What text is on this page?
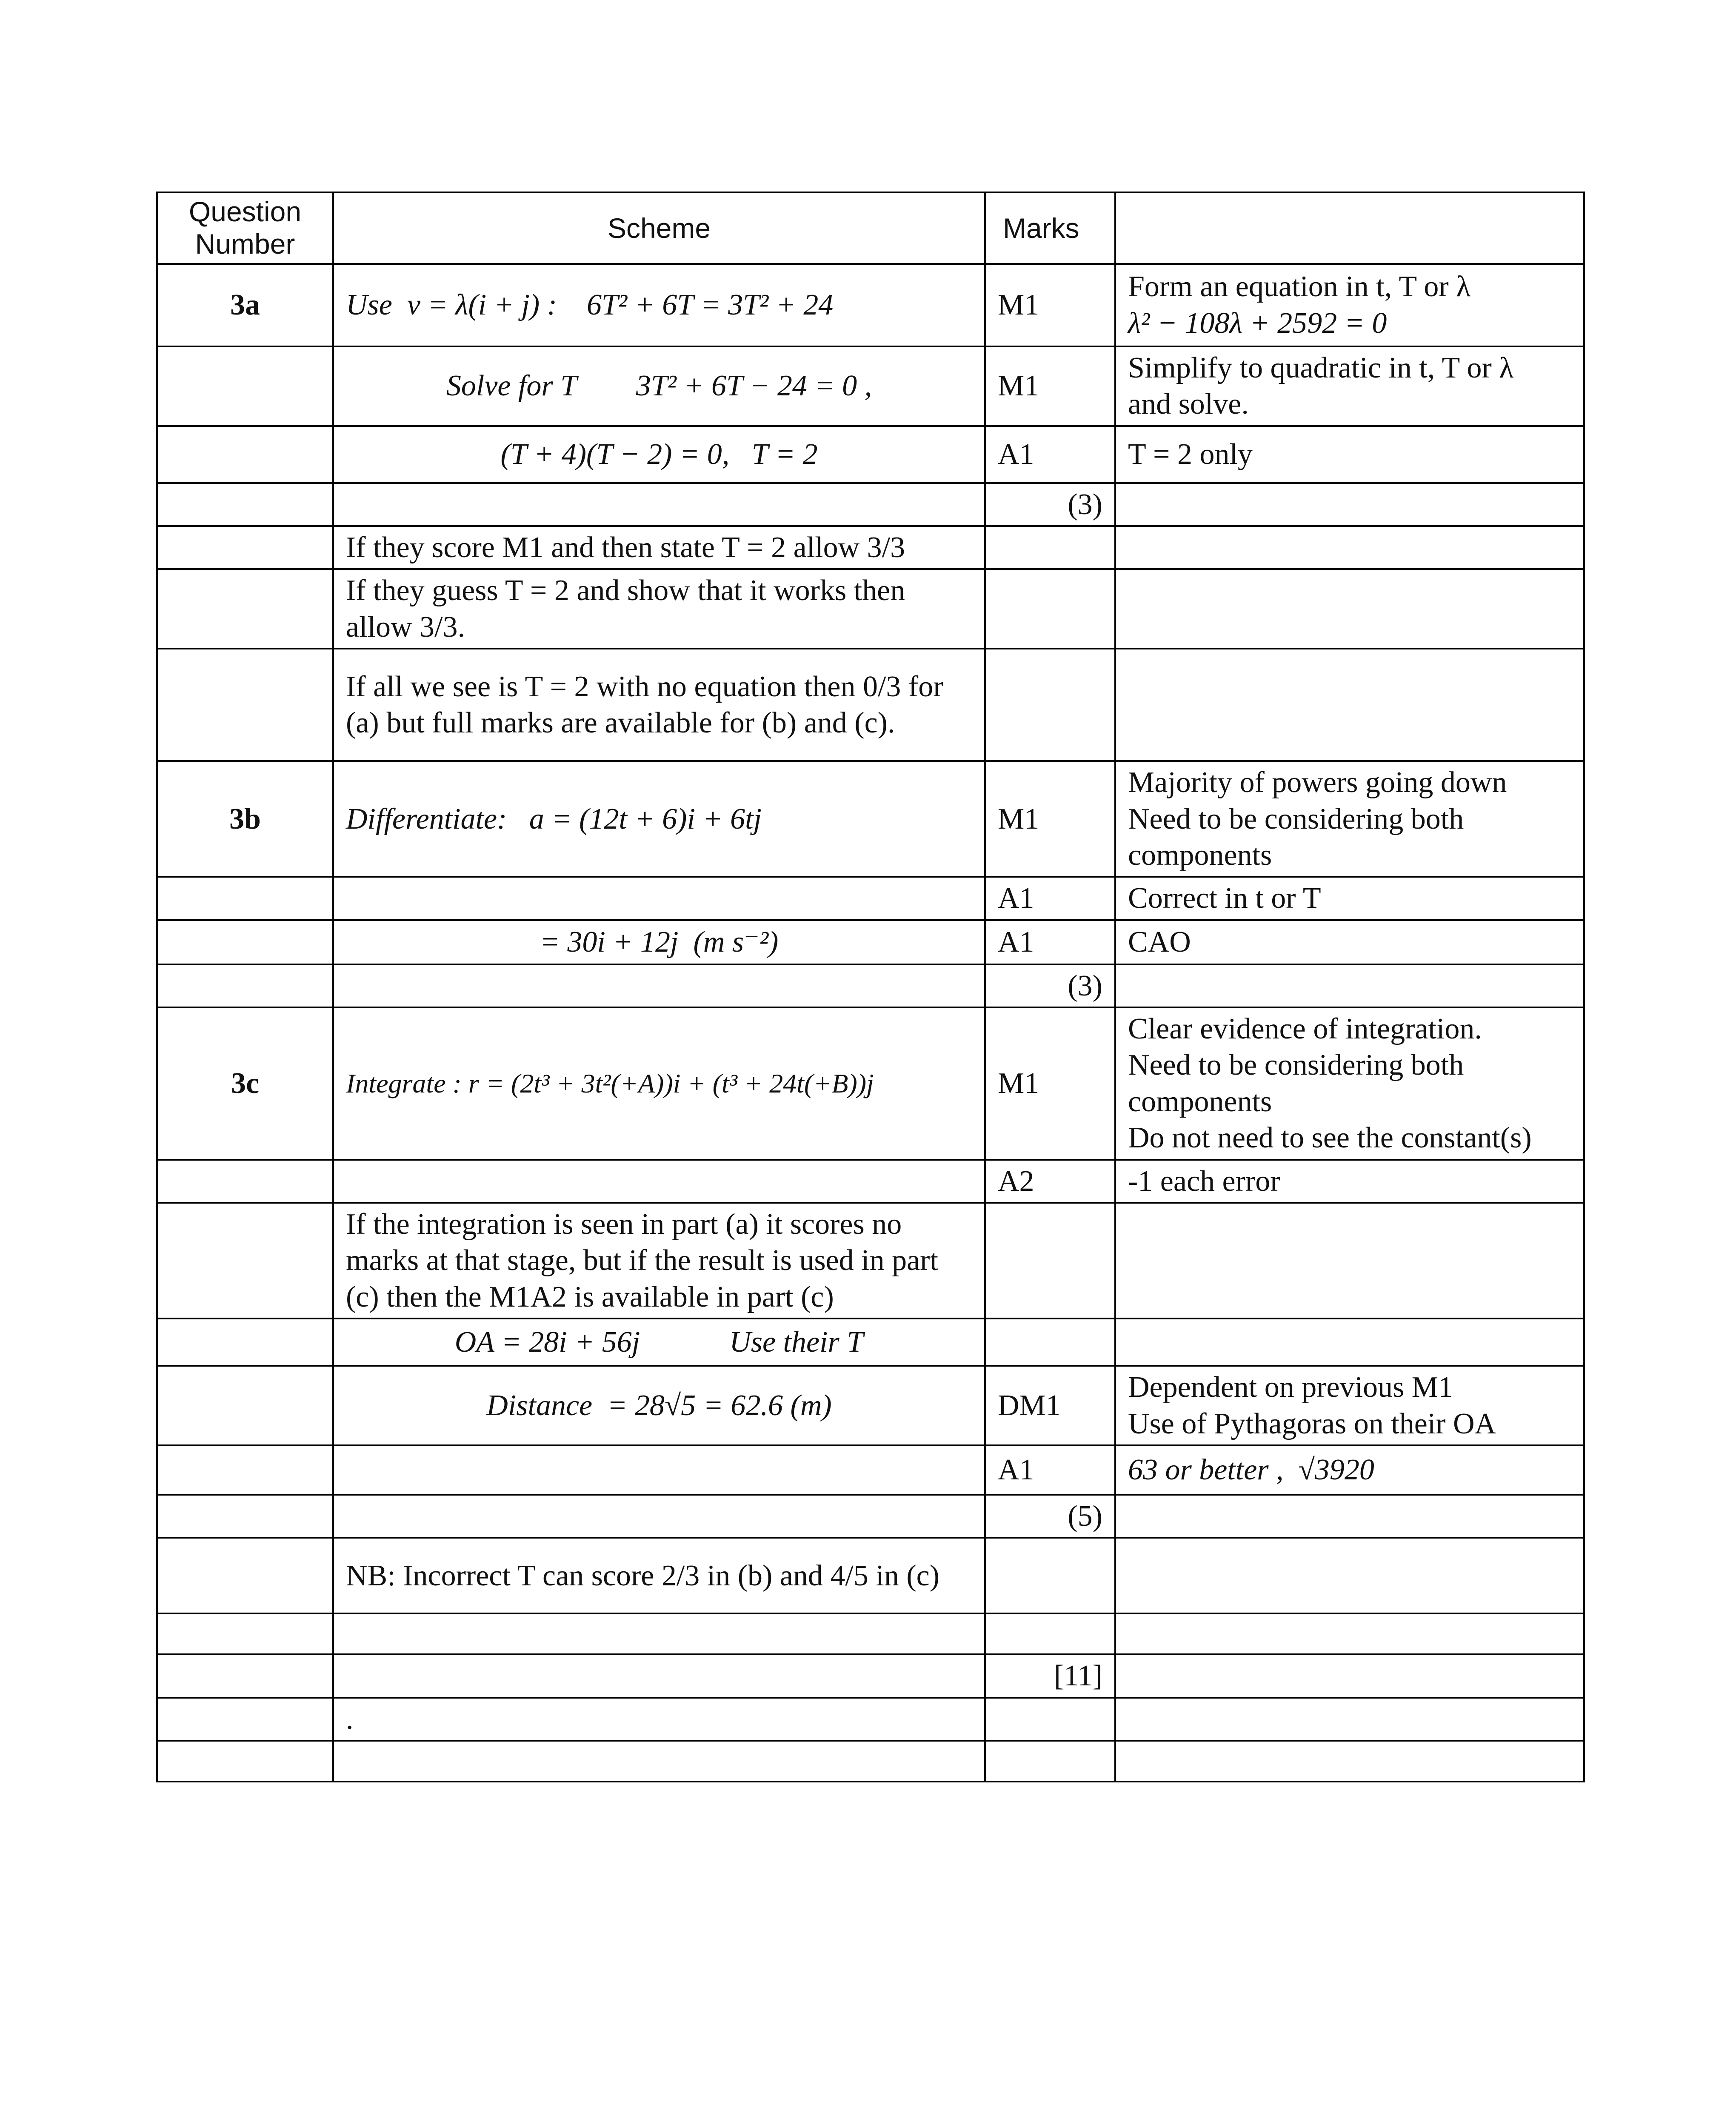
Question Number	Scheme	Marks	
3a	Use  v = λ(i + j) :    6T² + 6T = 3T² + 24	M1	Form an equation in t, T or λ
λ² − 108λ + 2592 = 0

	Solve for T        3T² + 6T − 24 = 0 ,	M1	Simplify to quadratic in t, T or λ
and solve.

	(T + 4)(T − 2) = 0,   T = 2	A1	T = 2 only
		(3)	
	If they score M1 and then state T = 2 allow 3/3		
	If they guess T = 2 and show that it works then allow 3/3.		
	If all we see is T = 2 with no equation then 0/3 for (a) but full marks are available for (b) and (c).		
3b	Differentiate:   a = (12t + 6)i + 6tj	M1	Majority of powers going down
Need to be considering both components

		A1	Correct in t or T
	= 30i + 12j  (m s⁻²)	A1	CAO
		(3)	
3c	Integrate : r = (2t³ + 3t²(+A))i + (t³ + 24t(+B))j	M1	Clear evidence of integration.
Need to be considering both components
Do not need to see the constant(s)

		A2	-1 each error
	If the integration is seen in part (a) it scores no marks at that stage, but if the result is used in part (c) then the M1A2 is available in part (c)		
	OA = 28i + 56j            Use their T		
	Distance  = 28√5 = 62.6 (m)	DM1	Dependent on previous M1
Use of Pythagoras on their OA

		A1	63 or better ,  √3920
		(5)	
	NB: Incorrect T can score 2/3 in (b) and 4/5 in (c)		

		[11]	
	.		
